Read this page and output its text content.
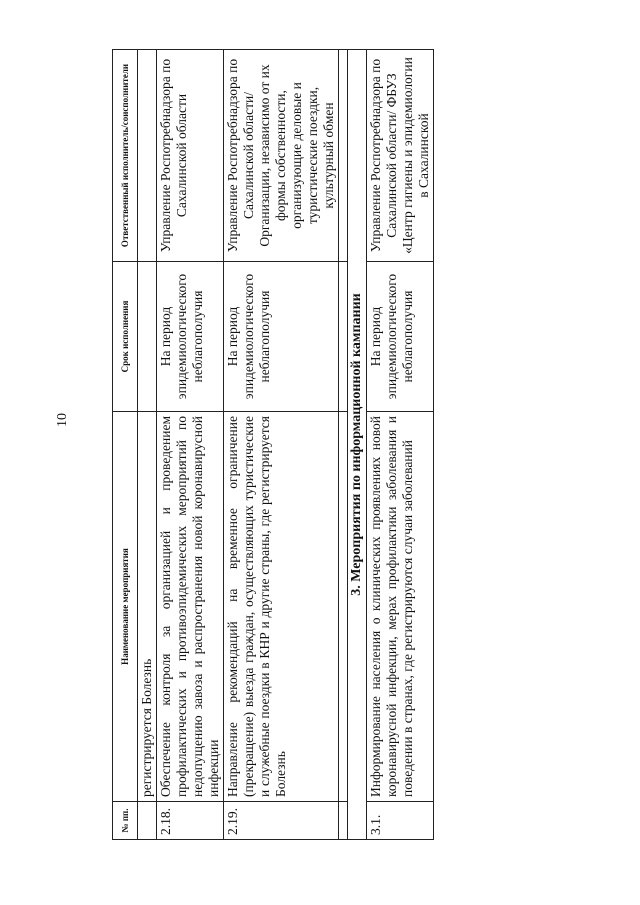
10
№ пп.	Наименование мероприятия	Срок исполнения	Ответственный исполнитель/соисполнители
	регистрируется Болезнь		
2.18.	Обеспечение контроля за организацией и проведением профилактических и противоэпидемических мероприятий по недопущению завоза и распространения новой коронавирусной инфекции	На период эпидемиологического неблагополучия	Управление Роспотребнадзора по Сахалинской области
2.19.	Направление рекомендаций на временное ограничение (прекращение) выезда граждан, осуществляющих туристические и служебные поездки в КНР и другие страны, где регистрируется Болезнь	На период эпидемиологического неблагополучия	Управление Роспотребнадзора по Сахалинской области/ Организации, независимо от их формы собственности, организующие деловые и туристические поездки, культурный обмен

3. Мероприятия по информационной кампании			
3.1.	Информирование населения о клинических проявлениях новой коронавирусной инфекции, мерах профилактики заболевания и поведении в странах, где регистрируются случаи заболеваний	На период эпидемиологического неблагополучия	Управление Роспотребнадзора по Сахалинской области/ ФБУЗ «Центр гигиены и эпидемиологии в Сахалинской
